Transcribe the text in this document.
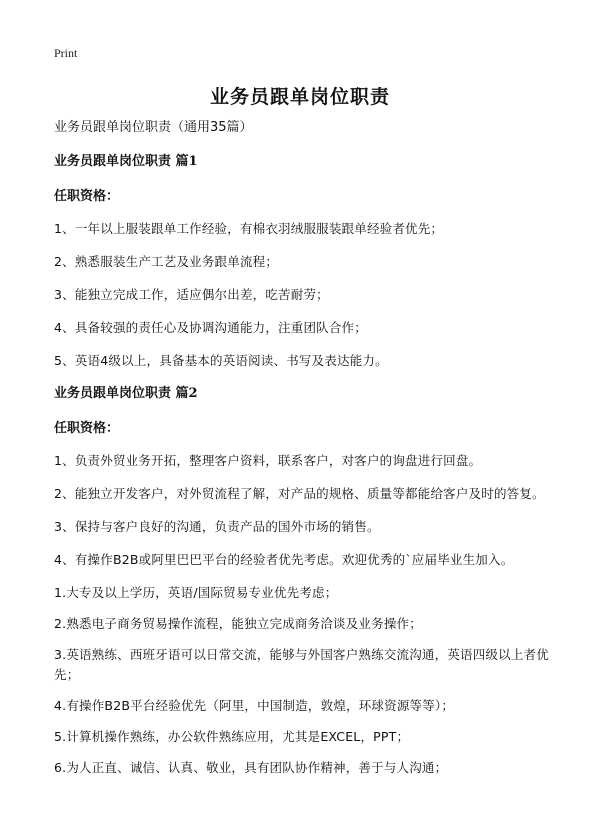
Print
业务员跟单岗位职责
业务员跟单岗位职责（通用35篇）
业务员跟单岗位职责 篇1
任职资格：
1、一年以上服装跟单工作经验，有棉衣羽绒服服装跟单经验者优先；
2、熟悉服装生产工艺及业务跟单流程；
3、能独立完成工作，适应偶尔出差，吃苦耐劳；
4、具备较强的责任心及协调沟通能力，注重团队合作；
5、英语4级以上，具备基本的英语阅读、书写及表达能力。
业务员跟单岗位职责 篇2
任职资格：
1、负责外贸业务开拓，整理客户资料，联系客户，对客户的询盘进行回盘。
2、能独立开发客户，对外贸流程了解，对产品的规格、质量等都能给客户及时的答复。
3、保持与客户良好的沟通，负责产品的国外市场的销售。
4、有操作B2B或阿里巴巴平台的经验者优先考虑。欢迎优秀的`应届毕业生加入。
1.大专及以上学历，英语/国际贸易专业优先考虑；
2.熟悉电子商务贸易操作流程，能独立完成商务洽谈及业务操作；
3.英语熟练、西班牙语可以日常交流，能够与外国客户熟练交流沟通，英语四级以上者优先；
4.有操作B2B平台经验优先（阿里，中国制造，敦煌，环球资源等等）；
5.计算机操作熟练，办公软件熟练应用，尤其是EXCEL，PPT；
6.为人正直、诚信、认真、敬业，具有团队协作精神，善于与人沟通；
